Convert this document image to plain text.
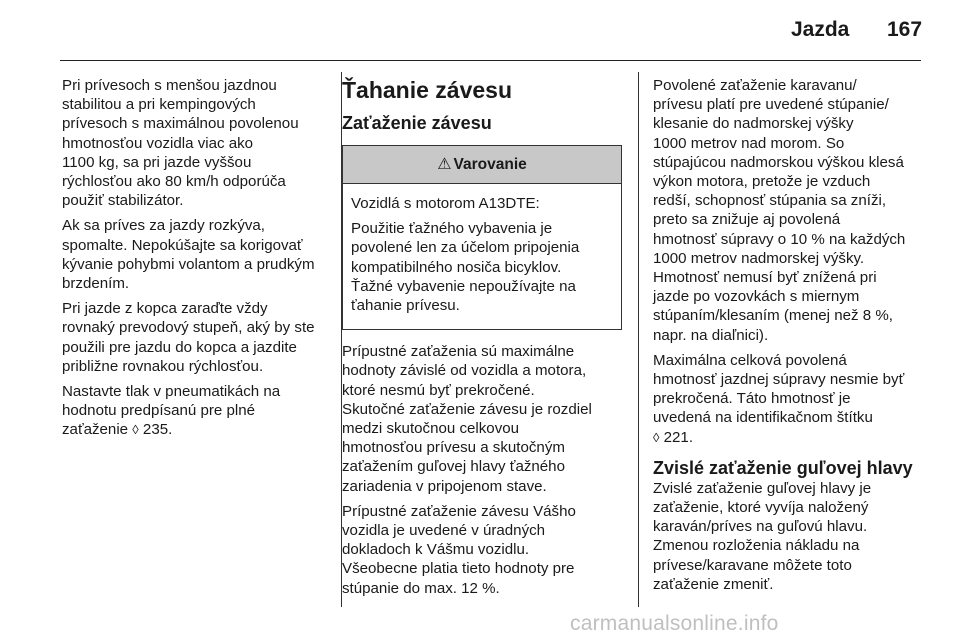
Jazda 167

Pri prívesoch s menšou jazdnou
stabilitou a pri kempingových
prívesoch s maximálnou povolenou
hmotnosťou vozidla viac ako
1100 kg, sa pri jazde vyššou
rýchlosťou ako 80 km/h odporúča
použiť stabilizátor.

Ak sa príves za jazdy rozkýva,
spomalte. Nepokúšajte sa korigovať
kývanie pohybmi volantom a prudkým
brzdením.

Pri jazde z kopca zaraďte vždy
rovnaký prevodový stupeň, aký by ste
použili pre jazdu do kopca a jazdite
približne rovnakou rýchlosťou.

Nastavte tlak v pneumatikách na
hodnotu predpísanú pre plné
zaťaženie ◊ 235.

Ťahanie závesu
Zaťaženie závesu
⚠ Varovanie

Vozidlá s motorom A13DTE:

Použitie ťažného vybavenia je
povolené len za účelom pripojenia
kompatibilného nosiča bicyklov.
Ťažné vybavenie nepoužívajte na
ťahanie prívesu.

Prípustné zaťaženia sú maximálne
hodnoty závislé od vozidla a motora,
ktoré nesmú byť prekročené.
Skutočné zaťaženie závesu je rozdiel
medzi skutočnou celkovou
hmotnosťou prívesu a skutočným
zaťažením guľovej hlavy ťažného
zariadenia v pripojenom stave.

Prípustné zaťaženie závesu Vášho
vozidla je uvedené v úradných
dokladoch k Vášmu vozidlu.
Všeobecne platia tieto hodnoty pre
stúpanie do max. 12 %.

Povolené zaťaženie karavanu/
prívesu platí pre uvedené stúpanie/
klesanie do nadmorskej výšky
1000 metrov nad morom. So
stúpajúcou nadmorskou výškou klesá
výkon motora, pretože je vzduch
redší, schopnosť stúpania sa zníži,
preto sa znižuje aj povolená
hmotnosť súpravy o 10 % na každých
1000 metrov nadmorskej výšky.
Hmotnosť nemusí byť znížená pri
jazde po vozovkách s miernym
stúpaním/klesaním (menej než 8 %,
napr. na diaľnici).

Maximálna celková povolená
hmotnosť jazdnej súpravy nesmie byť
prekročená. Táto hmotnosť je
uvedená na identifikačnom štítku
◊ 221.

Zvislé zaťaženie guľovej hlavy

Zvislé zaťaženie guľovej hlavy je
zaťaženie, ktoré vyvíja naložený
karaván/príves na guľovú hlavu.
Zmenou rozloženia nákladu na
prívese/karavane môžete toto
zaťaženie zmeniť.

carmanualsonline.info
